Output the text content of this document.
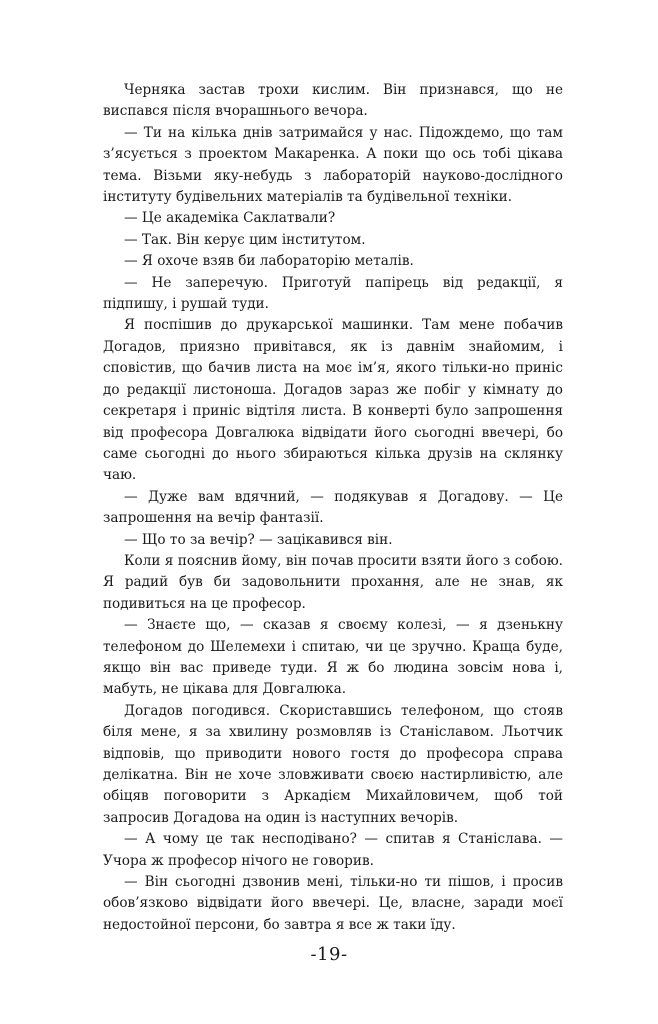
Черняка застав трохи кислим. Він признався, що не виспався після вчорашнього вечора.

— Ти на кілька днів затримайся у нас. Підождемо, що там з’ясується з проектом Макаренка. А поки що ось тобі цікава тема. Візьми яку-небудь з лабораторій науково-дослідного інституту будівельних матеріалів та будівельної техніки.

— Це академіка Саклатвали?

— Так. Він керує цим інститутом.

— Я охоче взяв би лабораторію металів.

— Не заперечую. Приготуй папірець від редакції, я підпишу, і рушай туди.

Я поспішив до друкарської машинки. Там мене побачив Догадов, приязно привітався, як із давнім знайомим, і сповістив, що бачив листа на моє ім’я, якого тільки-но приніс до редакції листоноша. Догадов зараз же побіг у кімнату до секретаря і приніс відтіля листа. В конверті було запрошення від професора Довгалюка відвідати його сьогодні ввечері, бо саме сьогодні до нього збираються кілька друзів на склянку чаю.

— Дуже вам вдячний, — подякував я Догадову. — Це запрошення на вечір фантазії.

— Що то за вечір? — зацікавився він.

Коли я пояснив йому, він почав просити взяти його з собою. Я радий був би задовольнити прохання, але не знав, як подивиться на це професор.

— Знаєте що, — сказав я своєму колезі, — я дзенькну телефоном до Шелемехи і спитаю, чи це зручно. Краща буде, якщо він вас приведе туди. Я ж бо людина зовсім нова і, мабуть, не цікава для Довгалюка.

Догадов погодився. Скориставшись телефоном, що стояв біля мене, я за хвилину розмовляв із Станіславом. Льотчик відповів, що приводити нового гостя до професора справа делікатна. Він не хоче зловживати своєю настирливістю, але обіцяв поговорити з Аркадієм Михайловичем, щоб той запросив Догадова на один із наступних вечорів.

— А чому це так несподівано? — спитав я Станіслава. — Учора ж професор нічого не говорив.

— Він сьогодні дзвонив мені, тільки-но ти пішов, і просив обов’язково відвідати його ввечері. Це, власне, заради моєї недостойної персони, бо завтра я все ж таки їду.

-19-
